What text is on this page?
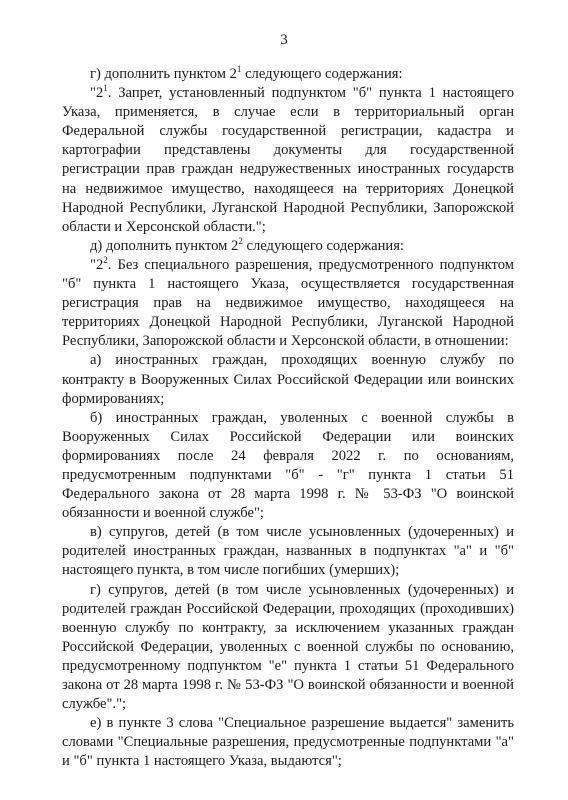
3

г) дополнить пунктом $2^1$ следующего содержания:

"$2^1$. Запрет, установленный подпунктом "б" пункта 1 настоящего Указа, применяется, в случае если в территориальный орган Федеральной службы государственной регистрации, кадастра и картографии представлены документы для государственной регистрации прав граждан недружественных иностранных государств на недвижимое имущество, находящееся на территориях Донецкой Народной Республики, Луганской Народной Республики, Запорожской области и Херсонской области.";

д) дополнить пунктом $2^2$ следующего содержания:

"$2^2$. Без специального разрешения, предусмотренного подпунктом "б" пункта 1 настоящего Указа, осуществляется государственная регистрация прав на недвижимое имущество, находящееся на территориях Донецкой Народной Республики, Луганской Народной Республики, Запорожской области и Херсонской области, в отношении:

а) иностранных граждан, проходящих военную службу по контракту в Вооруженных Силах Российской Федерации или воинских формированиях;

б) иностранных граждан, уволенных с военной службы в Вооруженных Силах Российской Федерации или воинских формированиях после 24 февраля 2022 г. по основаниям, предусмотренным подпунктами "б" - "г" пункта 1 статьи 51 Федерального закона от 28 марта 1998 г. № 53-ФЗ "О воинской обязанности и военной службе";

в) супругов, детей (в том числе усыновленных (удочеренных) и родителей иностранных граждан, названных в подпунктах "а" и "б" настоящего пункта, в том числе погибших (умерших);

г) супругов, детей (в том числе усыновленных (удочеренных) и родителей граждан Российской Федерации, проходящих (проходивших) военную службу по контракту, за исключением указанных граждан Российской Федерации, уволенных с военной службы по основанию, предусмотренному подпунктом "е" пункта 1 статьи 51 Федерального закона от 28 марта 1998 г. № 53-ФЗ "О воинской обязанности и военной службе".";

е) в пункте 3 слова "Специальное разрешение выдается" заменить словами "Специальные разрешения, предусмотренные подпунктами "а" и "б" пункта 1 настоящего Указа, выдаются";
